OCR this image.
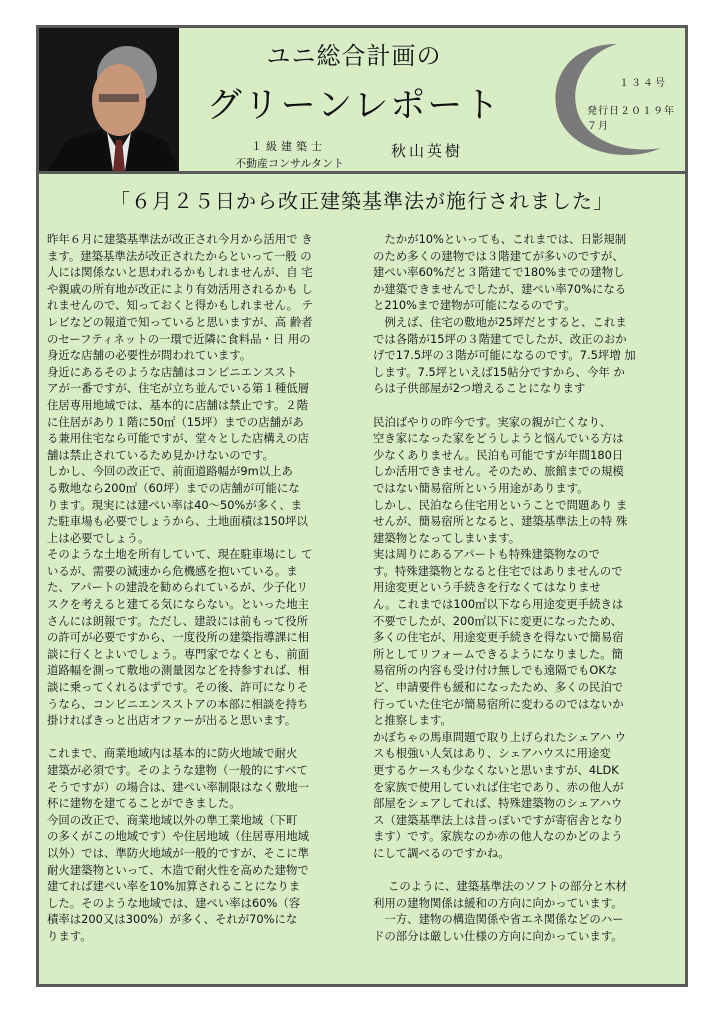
ユニ総合計画の
グリーンレポート
１級建築士
不動産コンサルタント
秋山英樹
１３４号
発行日２０１９年７月
「６月２５日から改正建築基準法が施行されました」

昨年６月に建築基準法が改正され今月から活用で き
ます。建築基準法が改正されたからといって一般 の
人には関係ないと思われるかもしれませんが、自 宅
や親戚の所有地が改正により有効活用されるかも し
れませんので、知っておくと得かもしれません。 テ
レビなどの報道で知っていると思いますが、高 齢者
のセーフティネットの一環で近隣に食料品・日 用の
身近な店舗の必要性が問われています。

身近にあるそのような店舗はコンビニエンススト
アが一番ですが、住宅が立ち並んでいる第１種低層
住居専用地域では、基本的に店舗は禁止です。２階
に住居があり１階に50㎡（15坪）までの店舗があ
る兼用住宅なら可能ですが、堂々とした店構えの店
舗は禁止されているため見かけないのです。

しかし、今回の改正で、前面道路幅が9m以上あ
る敷地なら200㎡（60坪）までの店舗が可能にな
ります。現実には建ぺい率は40～50%が多く、ま
た駐車場も必要でしょうから、土地面積は150坪以
上は必要でしょう。

そのような土地を所有していて、現在駐車場にし て
いるが、需要の減速から危機感を抱いている。ま
た、アパートの建設を勧められているが、少子化リ
スクを考えると建てる気にならない。といった地主
さんには朗報です。ただし、建設には前もって役所
の許可が必要ですから、一度役所の建築指導課に相
談に行くとよいでしょう。専門家でなくとも、前面
道路幅を測って敷地の測量図などを持参すれば、相
談に乗ってくれるはずです。その後、許可になりそ
うなら、コンビニエンスストアの本部に相談を持ち
掛ければきっと出店オファーが出ると思います。

これまで、商業地域内は基本的に防火地域で耐火
建築が必須です。そのような建物（一般的にすべて
そうですが）の場合は、建ぺい率制限はなく敷地一
杯に建物を建てることができました。

今回の改正で、商業地域以外の準工業地域（下町
の多くがこの地域です）や住居地域（住居専用地域
以外）では、準防火地域が一般的ですが、そこに準
耐火建築物といって、木造で耐火性を高めた建物で
建てれば建ぺい率を10%加算されることになりま
した。そのような地域では、建ぺい率は60%（容
積率は200又は300%）が多く、それが70%にな
ります。

　たかが10%といっても、これまでは、日影規制
のため多くの建物では３階建てが多いのですが、
建ぺい率60%だと３階建てで180%までの建物し
か建築できませんでしたが、建ぺい率70%になる
と210%まで建物が可能になるのです。

　例えば、住宅の敷地が25坪だとすると、これま
では各階が15坪の３階建てでしたが、改正のおか
げで17.5坪の３階が可能になるのです。7.5坪増 加
します。7.5坪といえば15帖分ですから、今年 か
らは子供部屋が2つ増えることになります

民泊ばやりの昨今です。実家の親が亡くなり、
空き家になった家をどうしようと悩んでいる方は
少なくありません。民泊も可能ですが年間180日
しか活用できません。そのため、旅館までの規模
ではない簡易宿所という用途があります。

しかし、民泊なら住宅用ということで問題あり ま
せんが、簡易宿所となると、建築基準法上の特 殊
建築物となってしまいます。

実は周りにあるアパートも特殊建築物なので
す。特殊建築物となると住宅ではありませんので
用途変更という手続きを行なくてはなりませ
ん。これまでは100㎡以下なら用途変更手続きは
不要でしたが、200㎡以下に変更になったため、
多くの住宅が、用途変更手続きを得ないで簡易宿
所としてリフォームできるようになりました。簡
易宿所の内容も受け付け無しでも遠隔でもOKな
ど、申請要件も緩和になったため、多くの民泊で
行っていた住宅が簡易宿所に変わるのではないか
と推察します。

かぼちゃの馬車問題で取り上げられたシェアハ ウ
スも根強い人気はあり、シェアハウスに用途変
更するケースも少なくないと思いますが、4LDK
を家族で使用していれば住宅であり、赤の他人が
部屋をシェアしてれば、特殊建築物のシェアハウ
ス（建築基準法上は昔っぽいですが寄宿舎となり
ます）です。家族なのか赤の他人なのかどのよう
にして調べるのですかね。

　 このように、建築基準法のソフトの部分と木材
利用の建物関係は緩和の方向に向かっています。
　一方、建物の構造関係や省エネ関係などのハー
ドの部分は厳しい仕様の方向に向かっています。
